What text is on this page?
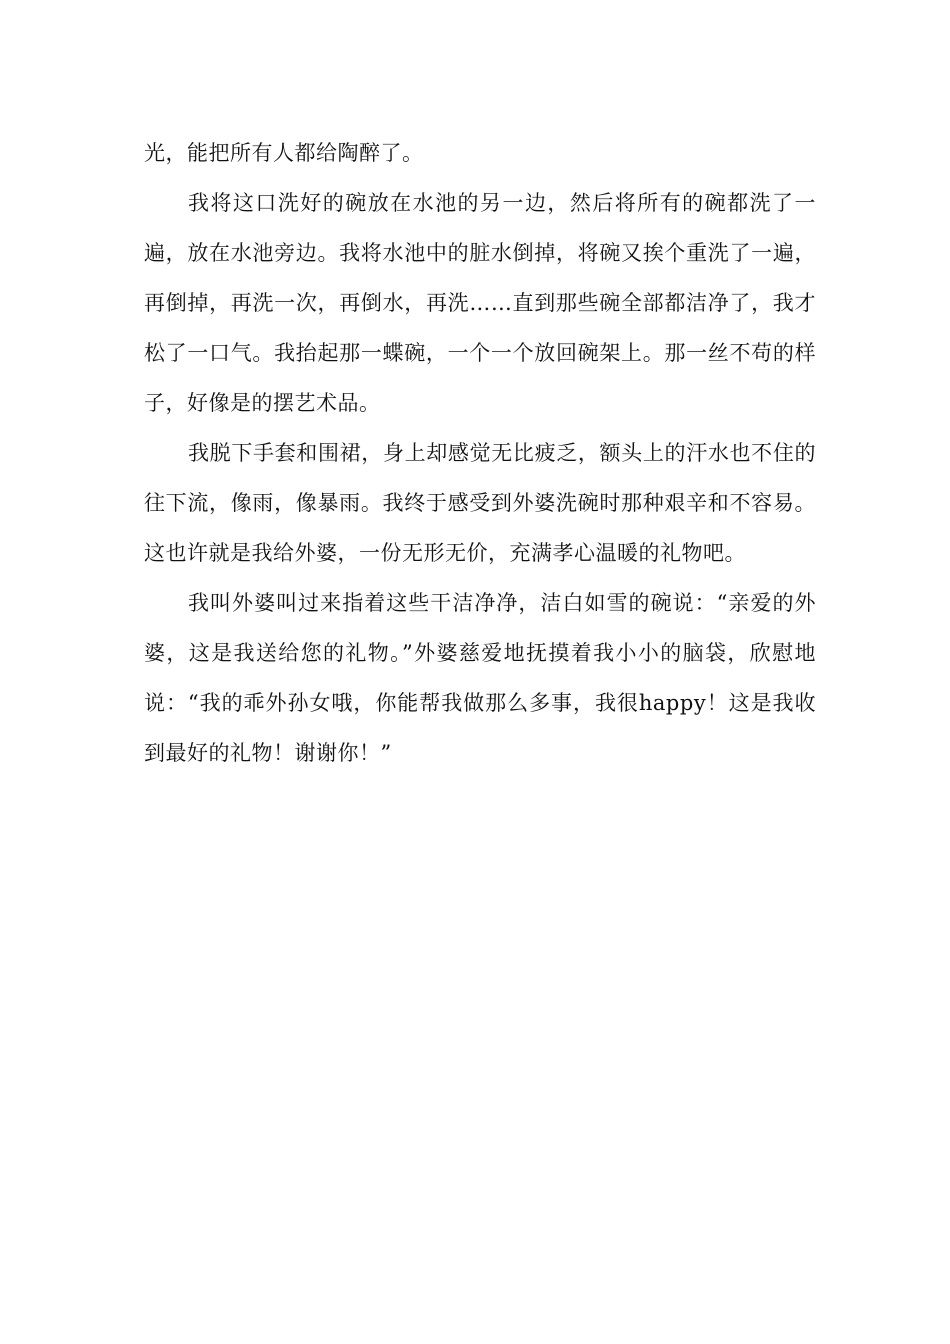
光，能把所有人都给陶醉了。

我将这口洗好的碗放在水池的另一边，然后将所有的碗都洗了一遍，放在水池旁边。我将水池中的脏水倒掉，将碗又挨个重洗了一遍，再倒掉，再洗一次，再倒水，再洗……直到那些碗全部都洁净了，我才松了一口气。我抬起那一蝶碗，一个一个放回碗架上。那一丝不苟的样子，好像是的摆艺术品。

我脱下手套和围裙，身上却感觉无比疲乏，额头上的汗水也不住的往下流，像雨，像暴雨。我终于感受到外婆洗碗时那种艰辛和不容易。这也许就是我给外婆，一份无形无价，充满孝心温暖的礼物吧。

我叫外婆叫过来指着这些干洁净净，洁白如雪的碗说：“亲爱的外婆，这是我送给您的礼物。”外婆慈爱地抚摸着我小小的脑袋，欣慰地说：“我的乖外孙女哦，你能帮我做那么多事，我很happy！这是我收到最好的礼物！谢谢你！”
